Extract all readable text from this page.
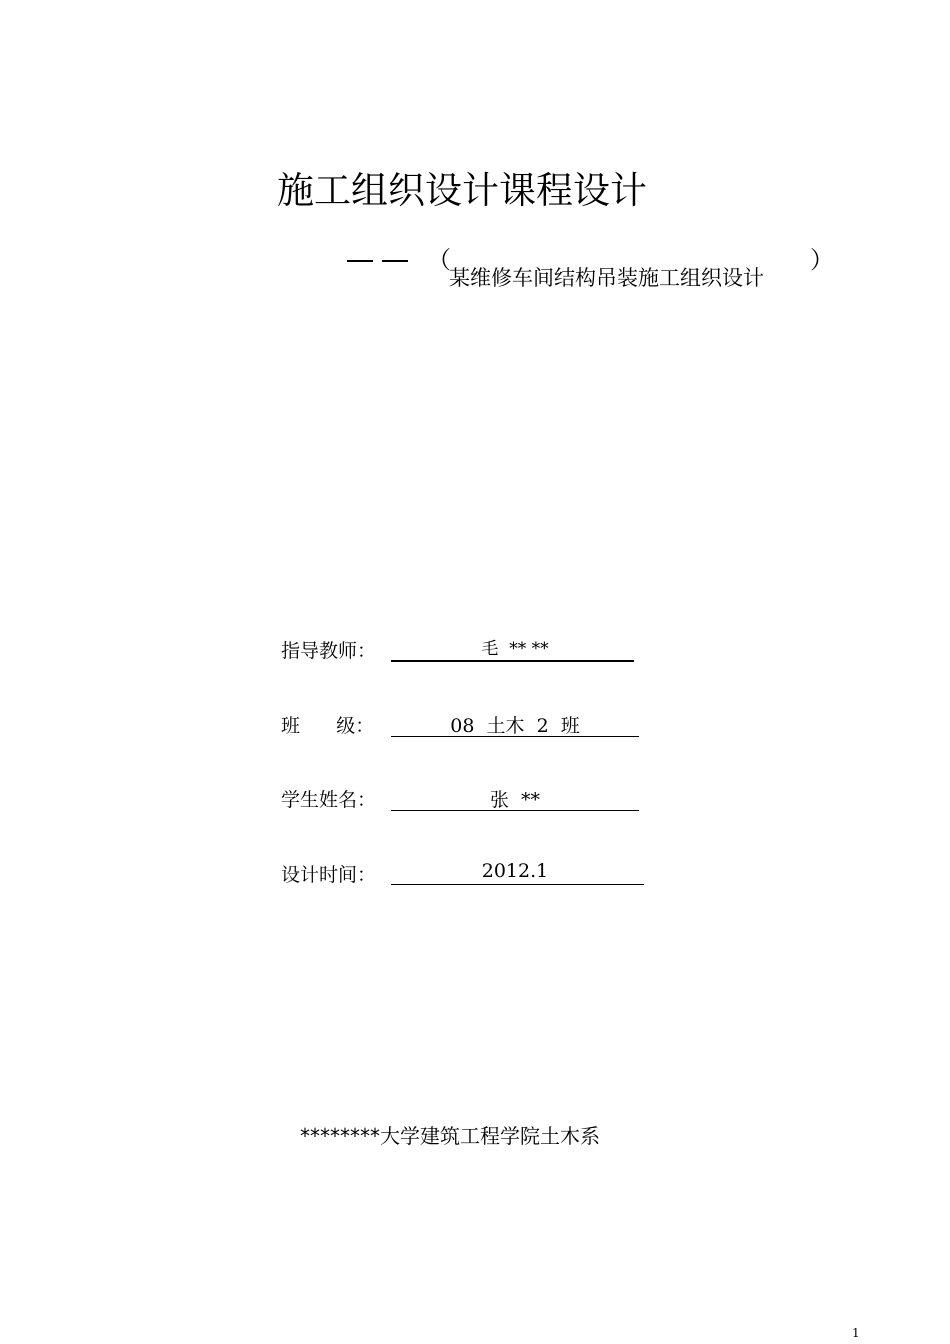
施工组织设计课程设计
（
某维修车间结构吊装施工组织设计
）
指导教师：	毛  ** **
班      级：	08  土木  2  班
学生姓名：	张  **
设计时间：	2012.1
********大学建筑工程学院土木系
1
